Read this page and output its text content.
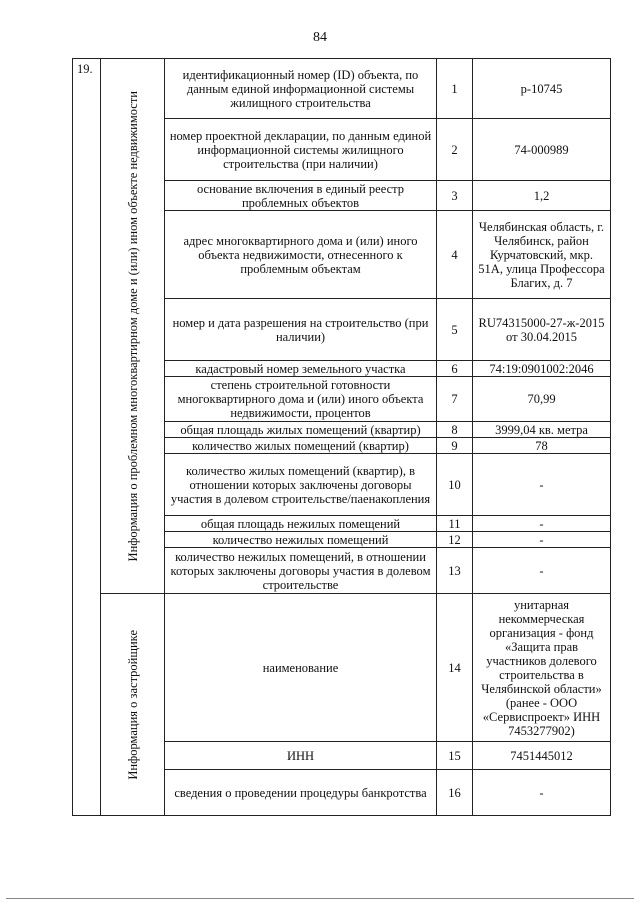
84
19.	Информация о проблемном многоквартирном доме и (или) ином объекте недвижимости	идентификационный номер (ID) объекта, по данным единой информационной системы жилищного строительства	1	р-10745
		номер проектной декларации, по данным единой информационной системы жилищного строительства (при наличии)	2	74-000989
		основание включения в единый реестр проблемных объектов	3	1,2
		адрес многоквартирного дома и (или) иного объекта недвижимости, отнесенного к проблемным объектам	4	Челябинская область, г. Челябинск, район Курчатовский, мкр. 51А, улица Профессора Благих, д. 7
		номер и дата разрешения на строительство (при наличии)	5	RU74315000-27-ж-2015 от 30.04.2015
		кадастровый номер земельного участка	6	74:19:0901002:2046
		степень строительной готовности многоквартирного дома и (или) иного объекта недвижимости, процентов	7	70,99
		общая площадь жилых помещений (квартир)	8	3999,04 кв. метра
		количество жилых помещений (квартир)	9	78
		количество жилых помещений (квартир), в отношении которых заключены договоры участия в долевом строительстве/паенакопления	10	-
		общая площадь нежилых помещений	11	-
		количество нежилых помещений	12	-
		количество нежилых помещений, в отношении которых заключены договоры участия в долевом строительстве	13	-

	Информация о застройщике	наименование	14	унитарная некоммерческая организация - фонд «Защита прав участников долевого строительства в Челябинской области» (ранее - ООО «Сервиспроект» ИНН 7453277902)
		ИНН	15	7451445012
		сведения о проведении процедуры банкротства	16	-
